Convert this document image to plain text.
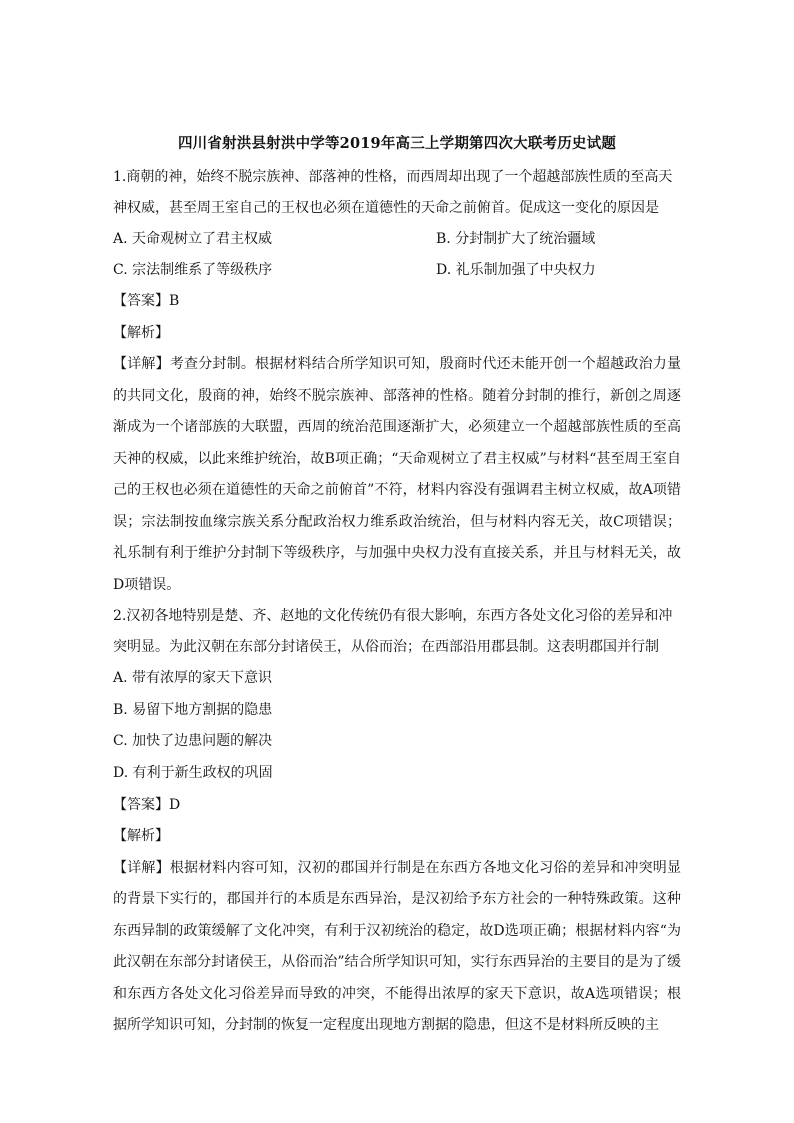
四川省射洪县射洪中学等2019年高三上学期第四次大联考历史试题
1.商朝的神，始终不脱宗族神、部落神的性格，而西周却出现了一个超越部族性质的至高天
神权威，甚至周王室自己的王权也必须在道德性的天命之前俯首。促成这一变化的原因是
A. 天命观树立了君主权威	B. 分封制扩大了统治疆域
C. 宗法制维系了等级秩序	D. 礼乐制加强了中央权力
【答案】B
【解析】
【详解】考查分封制。根据材料结合所学知识可知，殷商时代还未能开创一个超越政治力量的共同文化，殷商的神，始终不脱宗族神、部落神的性格。随着分封制的推行，新创之周逐渐成为一个诸部族的大联盟，西周的统治范围逐渐扩大，必须建立一个超越部族性质的至高天神的权威，以此来维护统治，故B项正确；“天命观树立了君主权威”与材料“甚至周王室自己的王权也必须在道德性的天命之前俯首”不符，材料内容没有强调君主树立权威，故A项错误；宗法制按血缘宗族关系分配政治权力维系政治统治，但与材料内容无关，故C项错误；礼乐制有利于维护分封制下等级秩序，与加强中央权力没有直接关系，并且与材料无关，故D项错误。
2.汉初各地特别是楚、齐、赵地的文化传统仍有很大影响，东西方各处文化习俗的差异和冲
突明显。为此汉朝在东部分封诸侯王，从俗而治；在西部沿用郡县制。这表明郡国并行制
A. 带有浓厚的家天下意识
B. 易留下地方割据的隐患
C. 加快了边患问题的解决
D. 有利于新生政权的巩固
【答案】D
【解析】
【详解】根据材料内容可知，汉初的郡国并行制是在东西方各地文化习俗的差异和冲突明显的背景下实行的，郡国并行的本质是东西异治，是汉初给予东方社会的一种特殊政策。这种东西异制的政策缓解了文化冲突，有利于汉初统治的稳定，故D选项正确；根据材料内容“为此汉朝在东部分封诸侯王，从俗而治”结合所学知识可知，实行东西异治的主要目的是为了缓和东西方各处文化习俗差异而导致的冲突，不能得出浓厚的家天下意识，故A选项错误；根据所学知识可知，分封制的恢复一定程度出现地方割据的隐患，但这不是材料所反映的主
